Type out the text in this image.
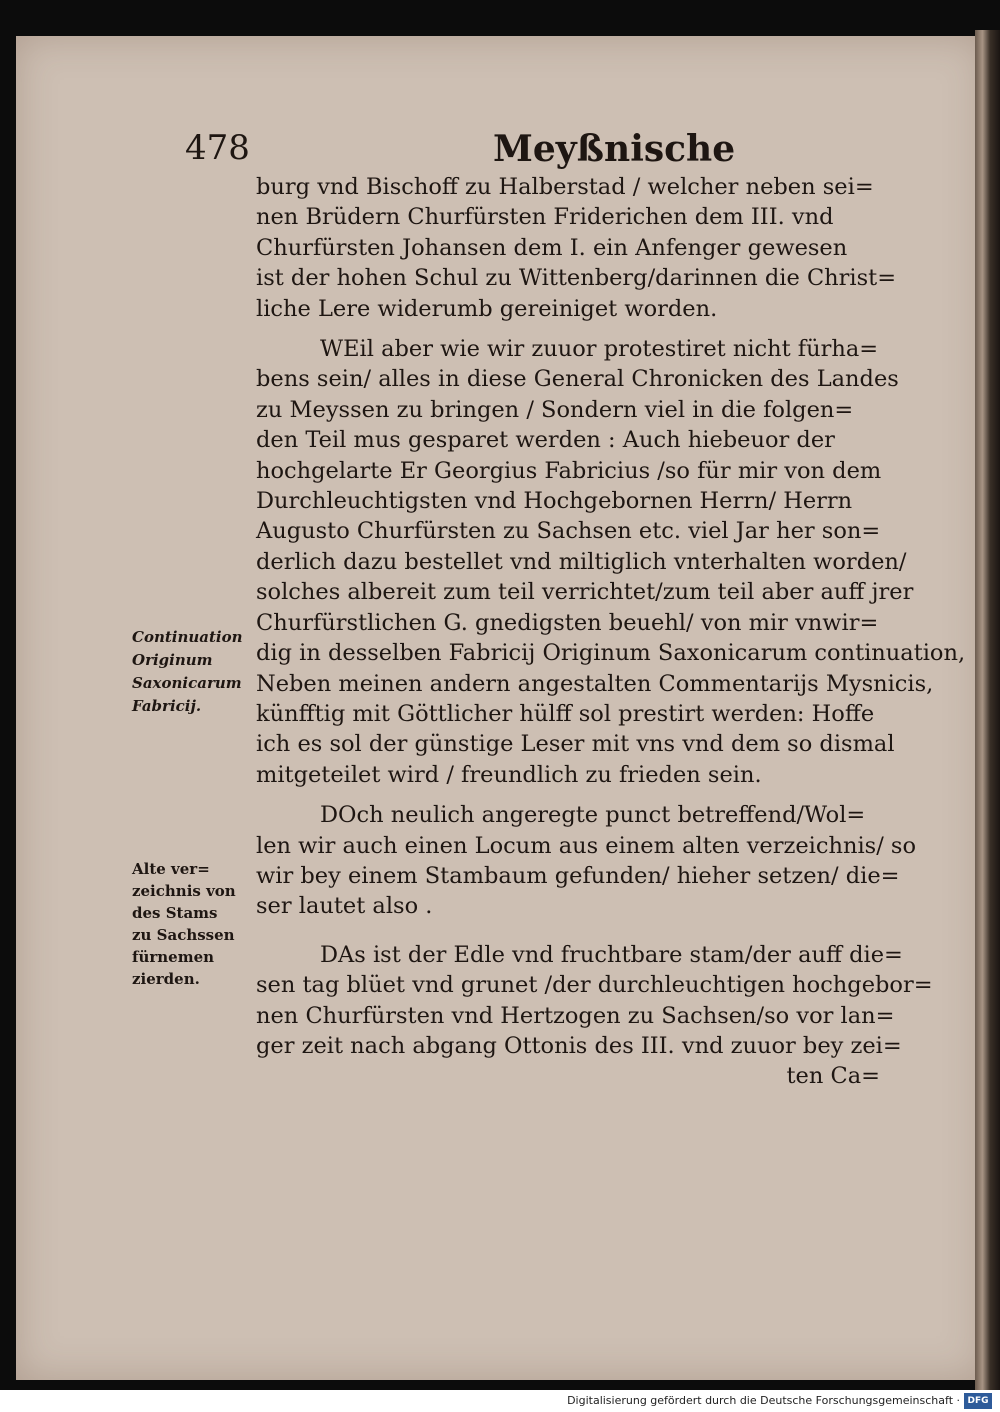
478	Meyßnische
burg vnd Bischoff zu Halberstad / welcher neben sei=
nen Brüdern Churfürsten Friderichen dem III. vnd
Churfürsten Johansen dem I. ein Anfenger gewesen
ist der hohen Schul zu Wittenberg/darinnen die Christ=
liche Lere widerumb gereiniget worden.
WEil aber wie wir zuuor protestiret nicht fürha=
bens sein/ alles in diese General Chronicken des Landes
zu Meyssen zu bringen / Sondern viel in die folgen=
den Teil mus gesparet werden : Auch hiebeuor der
hochgelarte Er Georgius Fabricius /so für mir von dem
Durchleuchtigsten vnd Hochgebornen Herrn/ Herrn
Augusto Churfürsten zu Sachsen etc. viel Jar her son=
derlich dazu bestellet vnd miltiglich vnterhalten worden/
solches albereit zum teil verrichtet/zum teil aber auff jrer
Churfürstlichen G. gnedigsten beuehl/ von mir vnwir=
dig in desselben Fabricij Originum Saxonicarum continuation,
Neben meinen andern angestalten Commentarijs Mysnicis,
künfftig mit Göttlicher hülff sol prestirt werden: Hoffe
ich es sol der günstige Leser mit vns vnd dem so dismal
mitgeteilet wird / freundlich zu frieden sein.
DOch neulich angeregte punct betreffend/Wol=
len wir auch einen Locum aus einem alten verzeichnis/ so
wir bey einem Stambaum gefunden/ hieher setzen/ die=
ser lautet also .
DAs ist der Edle vnd fruchtbare stam/der auff die=
sen tag blüet vnd grunet /der durchleuchtigen hochgebor=
nen Churfürsten vnd Hertzogen zu Sachsen/so vor lan=
ger zeit nach abgang Ottonis des III. vnd zuuor bey zei=
ten Ca=
Continuation
Originum
Saxonicarum
Fabricij.
Alte ver=
zeichnis von
des Stams
zu Sachssen
fürnemen
zierden.
Digitalisierung gefördert durch die Deutsche Forschungsgemeinschaft · DFG
